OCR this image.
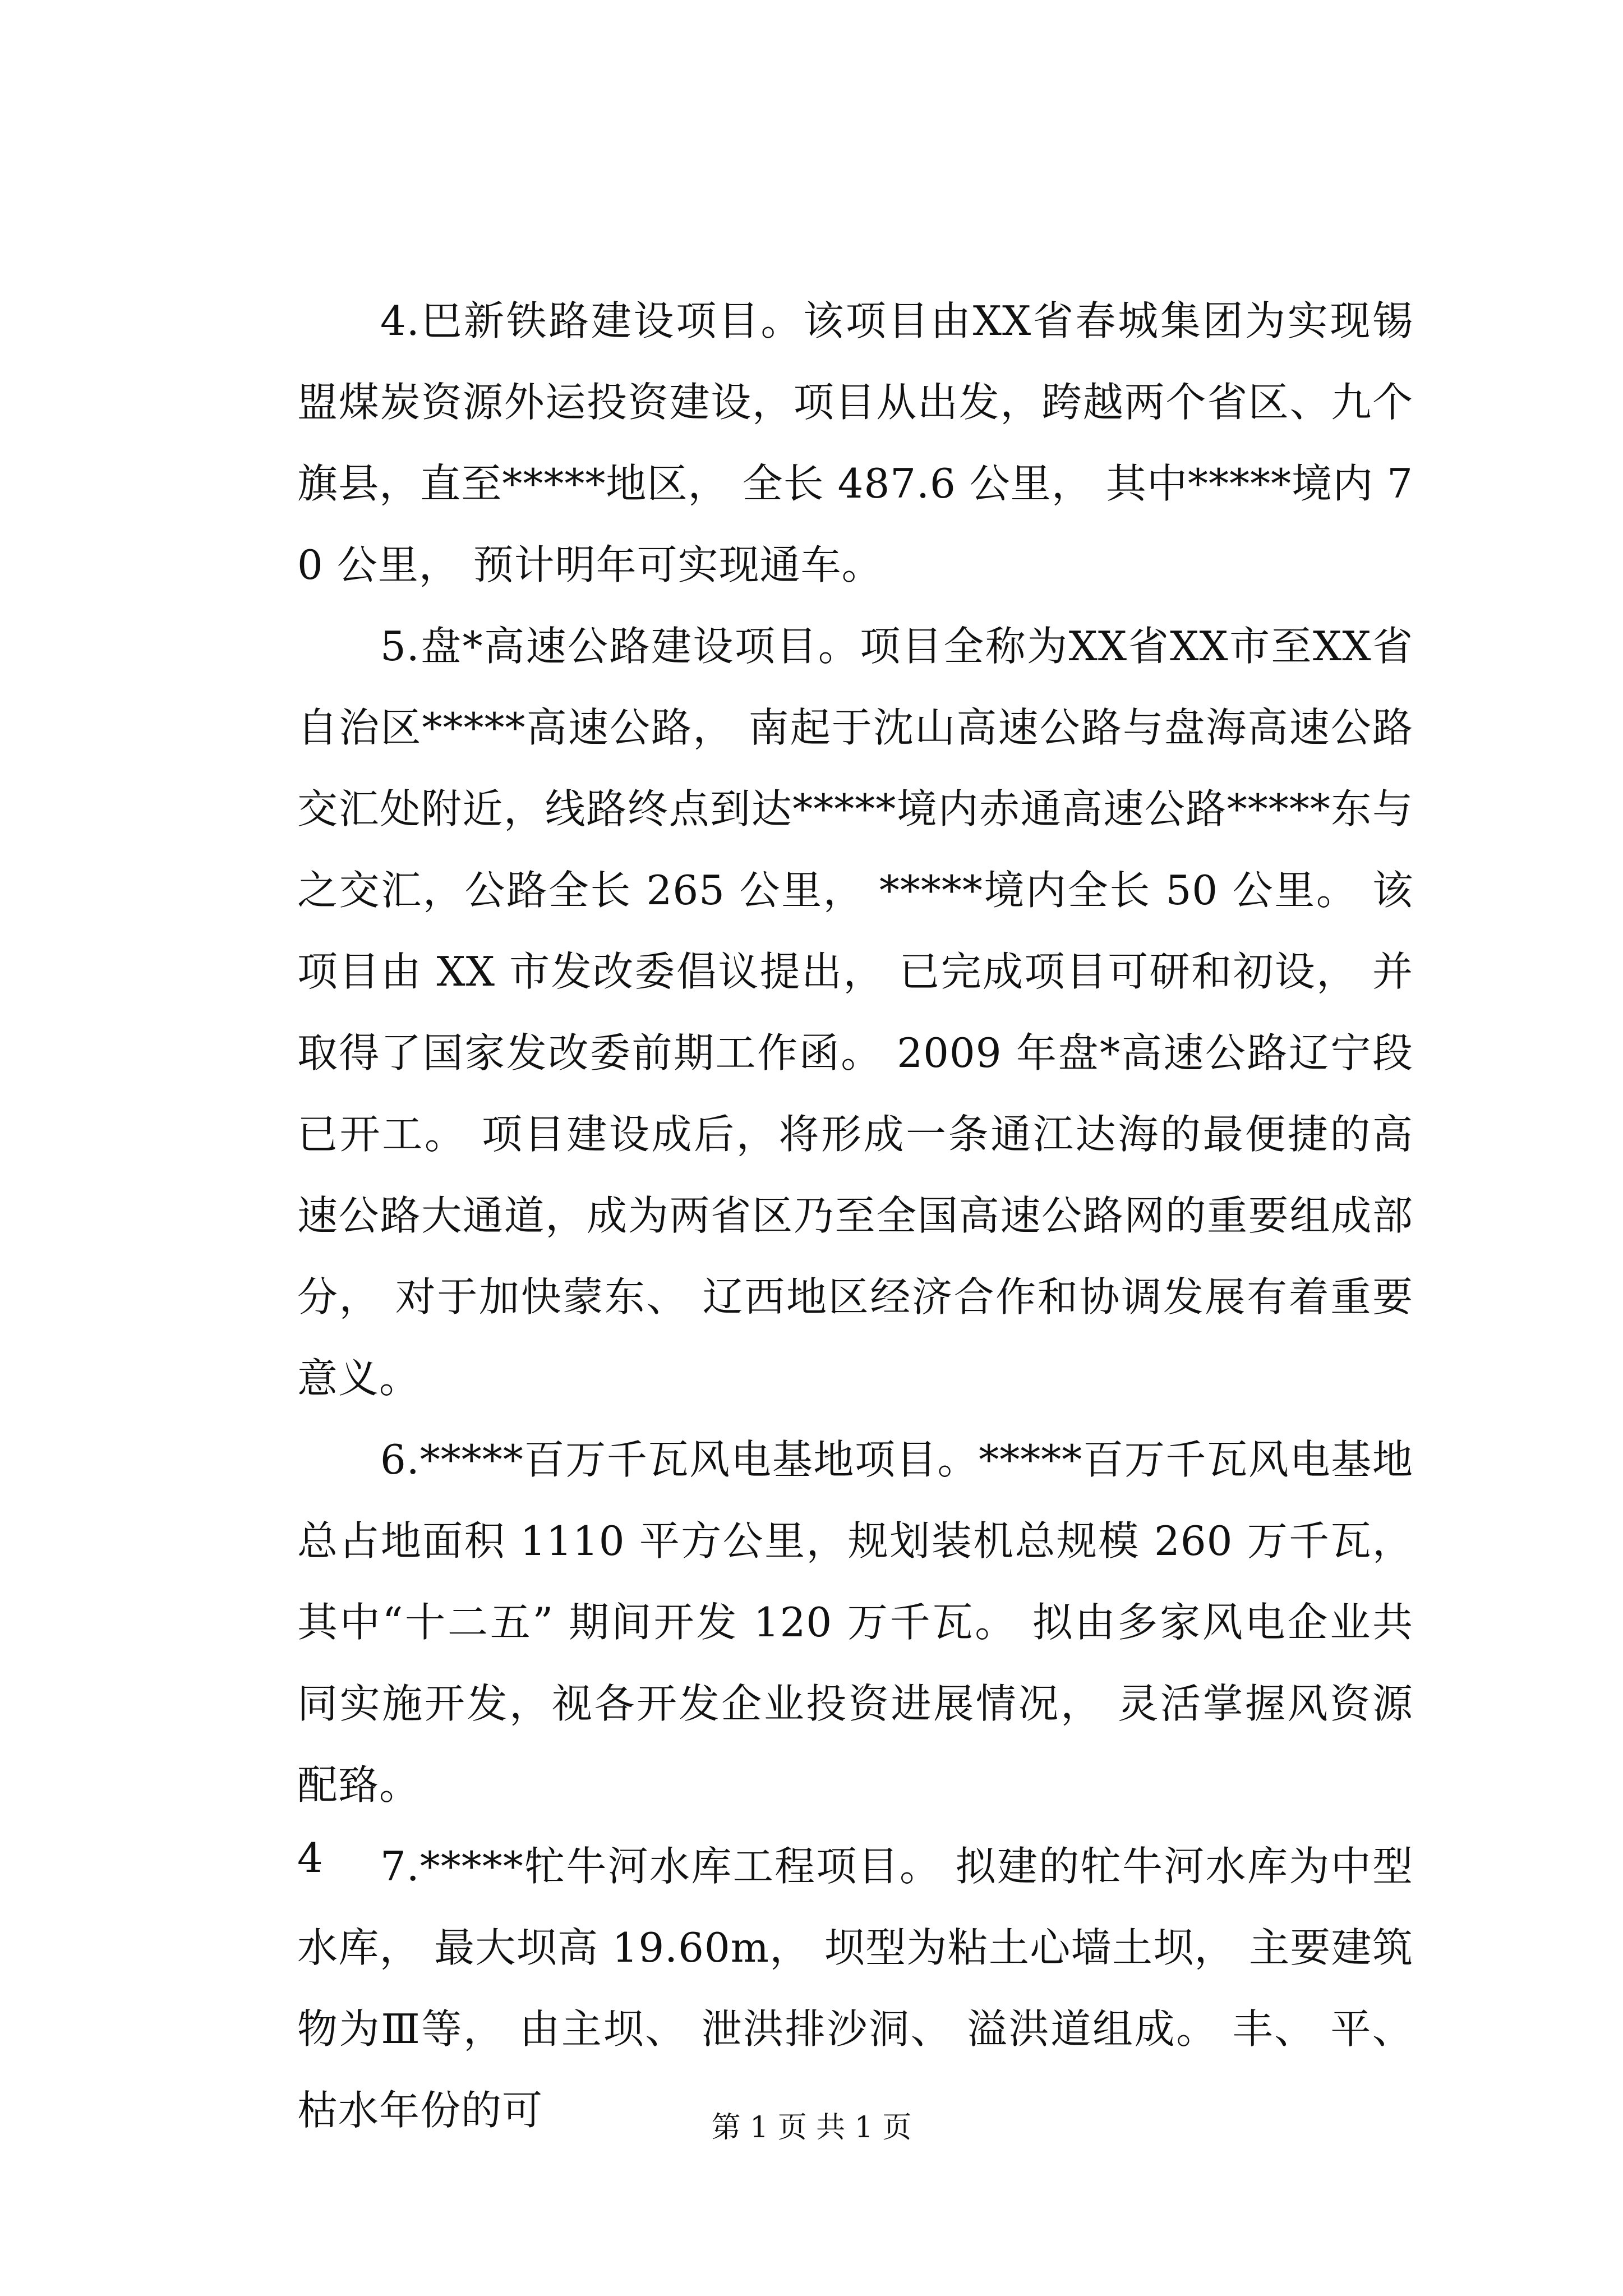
4.巴新铁路建设项目。该项目由XX省春城集团为实现锡盟煤炭资源外运投资建设，项目从出发，跨越两个省区、九个旗县，直至*****地区， 全长 487.6 公里， 其中*****境内 70 公里， 预计明年可实现通车。

5.盘*高速公路建设项目。项目全称为XX省XX市至XX省自治区*****高速公路， 南起于沈山高速公路与盘海高速公路交汇处附近，线路终点到达*****境内赤通高速公路*****东与之交汇，公路全长 265 公里， *****境内全长 50 公里。 该项目由 XX 市发改委倡议提出， 已完成项目可研和初设， 并取得了国家发改委前期工作函。 2009 年盘*高速公路辽宁段已开工。 项目建设成后，将形成一条通江达海的最便捷的高速公路大通道，成为两省区乃至全国高速公路网的重要组成部分， 对于加快蒙东、 辽西地区经济合作和协调发展有着重要意义。

6.*****百万千瓦风电基地项目。*****百万千瓦风电基地总占地面积 1110 平方公里，规划装机总规模 260 万千瓦，其中“十二五” 期间开发 120 万千瓦。 拟由多家风电企业共同实施开发，视各开发企业投资进展情况， 灵活掌握风资源配臵。

7.*****牤牛河水库工程项目。 拟建的牤牛河水库为中型水库， 最大坝高 19.60m， 坝型为粘土心墙土坝， 主要建筑物为Ⅲ等， 由主坝、 泄洪排沙洞、 溢洪道组成。 丰、 平、 枯水年份的可

4
第 1 页 共 1 页
